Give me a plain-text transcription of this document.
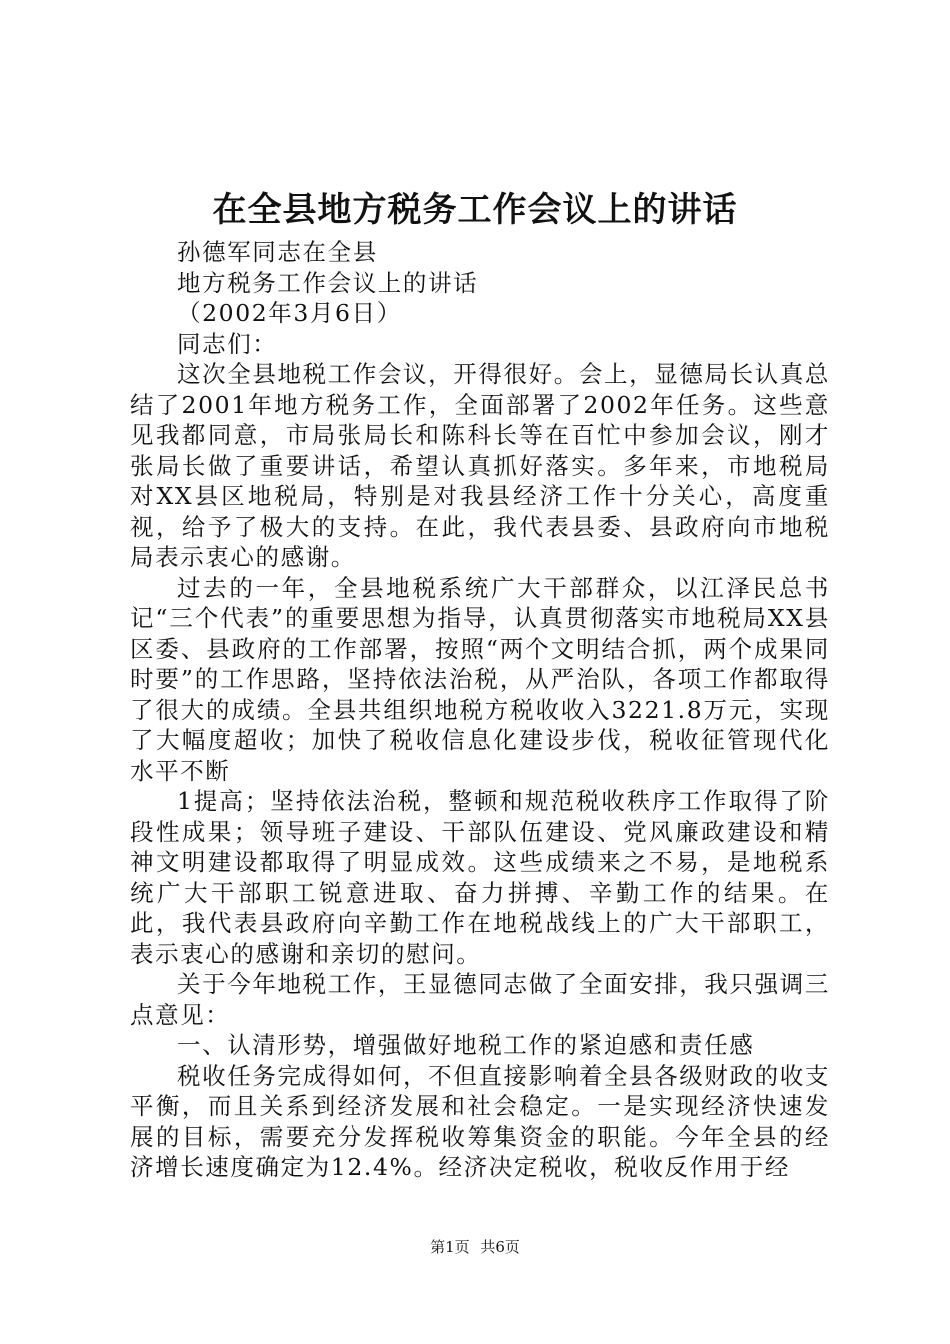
在全县地方税务工作会议上的讲话

孙德军同志在全县

地方税务工作会议上的讲话

（2002年3月6日）

同志们：

这次全县地税工作会议，开得很好。会上，显德局长认真总结了2001年地方税务工作，全面部署了2002年任务。这些意见我都同意，市局张局长和陈科长等在百忙中参加会议，刚才张局长做了重要讲话，希望认真抓好落实。多年来，市地税局对XX县区地税局，特别是对我县经济工作十分关心，高度重视，给予了极大的支持。在此，我代表县委、县政府向市地税局表示衷心的感谢。

过去的一年，全县地税系统广大干部群众，以江泽民总书记“三个代表”的重要思想为指导，认真贯彻落实市地税局XX县区委、县政府的工作部署，按照“两个文明结合抓，两个成果同时要”的工作思路，坚持依法治税，从严治队，各项工作都取得了很大的成绩。全县共组织地税方税收收入3221.8万元，实现了大幅度超收；加快了税收信息化建设步伐，税收征管现代化水平不断

1提高；坚持依法治税，整顿和规范税收秩序工作取得了阶段性成果；领导班子建设、干部队伍建设、党风廉政建设和精神文明建设都取得了明显成效。这些成绩来之不易，是地税系统广大干部职工锐意进取、奋力拼搏、辛勤工作的结果。在此，我代表县政府向辛勤工作在地税战线上的广大干部职工，表示衷心的感谢和亲切的慰问。

关于今年地税工作，王显德同志做了全面安排，我只强调三点意见：

一、认清形势，增强做好地税工作的紧迫感和责任感

税收任务完成得如何，不但直接影响着全县各级财政的收支平衡，而且关系到经济发展和社会稳定。一是实现经济快速发展的目标，需要充分发挥税收筹集资金的职能。今年全县的经济增长速度确定为12.4%。经济决定税收，税收反作用于经

第1页 共6页
